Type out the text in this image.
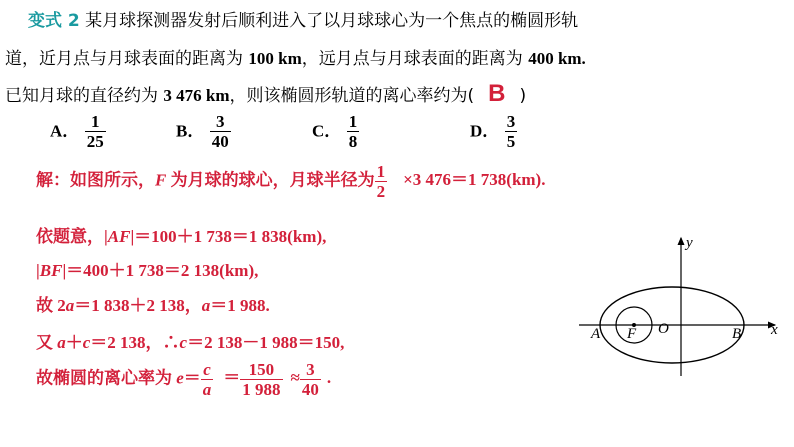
变式 2 某月球探测器发射后顺利进入了以月球球心为一个焦点的椭圆形轨
道，近月点与月球表面的距离为 100 km，远月点与月球表面的距离为 400 km.
已知月球的直径约为 3 476 km，则该椭圆形轨道的离心率约为( B )
A． $\frac{1}{25}$	B． $\frac{3}{40}$	C． $\frac{1}{8}$	D． $\frac{3}{5}$
解：如图所示，F 为月球的球心，月球半径为 $\frac{1}{2} \times 3$ 476＝1 738(km).
依题意，|AF|＝100＋1 738＝1 838(km),
|BF|＝400＋1 738＝2 138(km),
故 2a＝1 838＋2 138，a＝1 988.
又 a＋c＝2 138，∴c＝2 138－1 988＝150,
故椭圆的离心率为 $e= \frac{c}{a} = \frac{150}{1 988} \approx \frac{3}{40}$ .
y
x
A F O	B
